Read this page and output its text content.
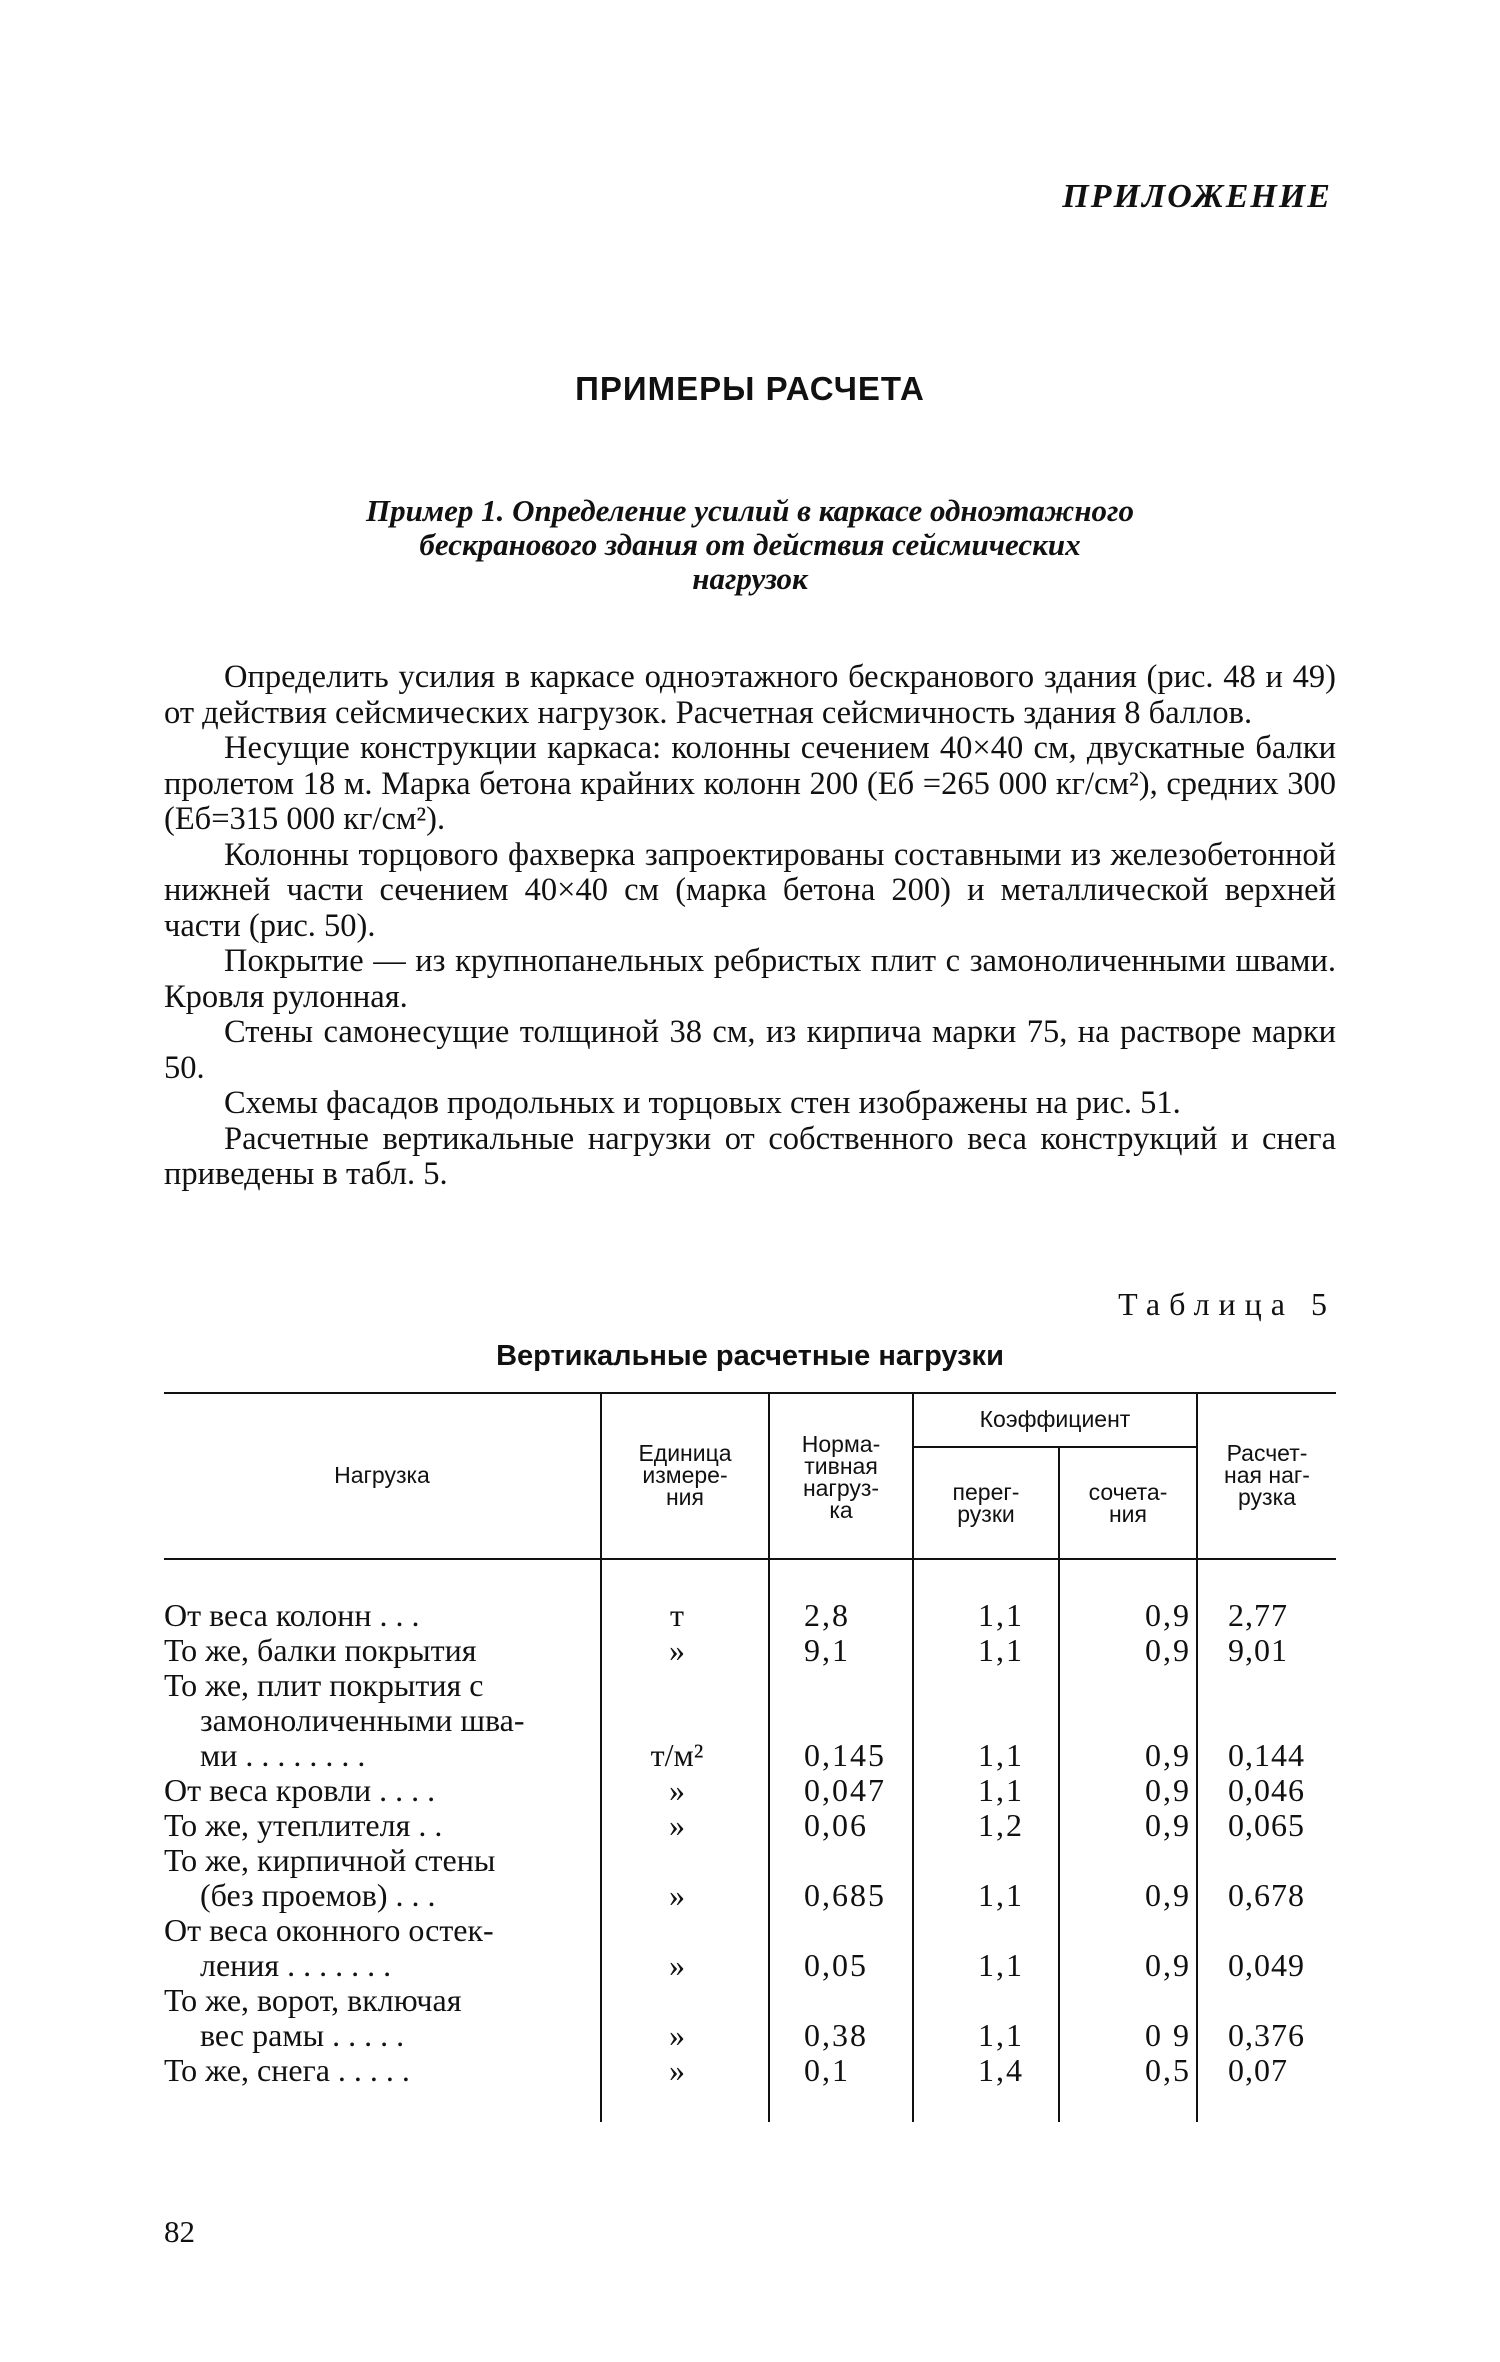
ПРИЛОЖЕНИЕ
ПРИМЕРЫ РАСЧЕТА
Пример 1. Определение усилий в каркасе одноэтажного
бескранового здания от действия сейсмических
нагрузок

Определить усилия в каркасе одноэтажного бескранового здания (рис. 48 и 49) от действия сейсмических нагрузок. Расчетная сейсмичность здания 8 баллов.

Несущие конструкции каркаса: колонны сечением 40×40 см, двускатные балки пролетом 18 м. Марка бетона крайних колонн 200 (Еб =265 000 кг/см²), средних 300 (Еб=315 000 кг/см²).

Колонны торцового фахверка запроектированы составными из железобетонной нижней части сечением 40×40 см (марка бетона 200) и металлической верхней части (рис. 50).

Покрытие — из крупнопанельных ребристых плит с замоноличенными швами. Кровля рулонная.

Стены самонесущие толщиной 38 см, из кирпича марки 75, на растворе марки 50.

Схемы фасадов продольных и торцовых стен изображены на рис. 51.

Расчетные вертикальные нагрузки от собственного веса конструкций и снега приведены в табл. 5.

Таблица 5
Вертикальные расчетные нагрузки
Нагрузка
Единица
измере-
ния
Норма-
тивная
нагруз-
ка
Коэффициент
перег-
рузки
сочета-
ния
Расчет-
ная наг-
рузка
От веса колонн . . .	т	2,8	1,1	0,9	2,77
То же, балки покрытия	»	9,1	1,1	0,9	9,01
То же, плит покрытия с
замоноличенными шва-
ми . . . . . . . .	т/м²	0,145	1,1	0,9	0,144
От веса кровли . . . .	»	0,047	1,1	0,9	0,046
То же, утеплителя . .	»	0,06	1,2	0,9	0,065
То же, кирпичной стены
(без проемов) . . .	»	0,685	1,1	0,9	0,678
От веса оконного остек-
ления . . . . . . .	»	0,05	1,1	0,9	0,049
То же, ворот, включая
вес рамы . . . . .	»	0,38	1,1	0 9	0,376
То же, снега . . . . .	»	0,1	1,4	0,5	0,07
82
